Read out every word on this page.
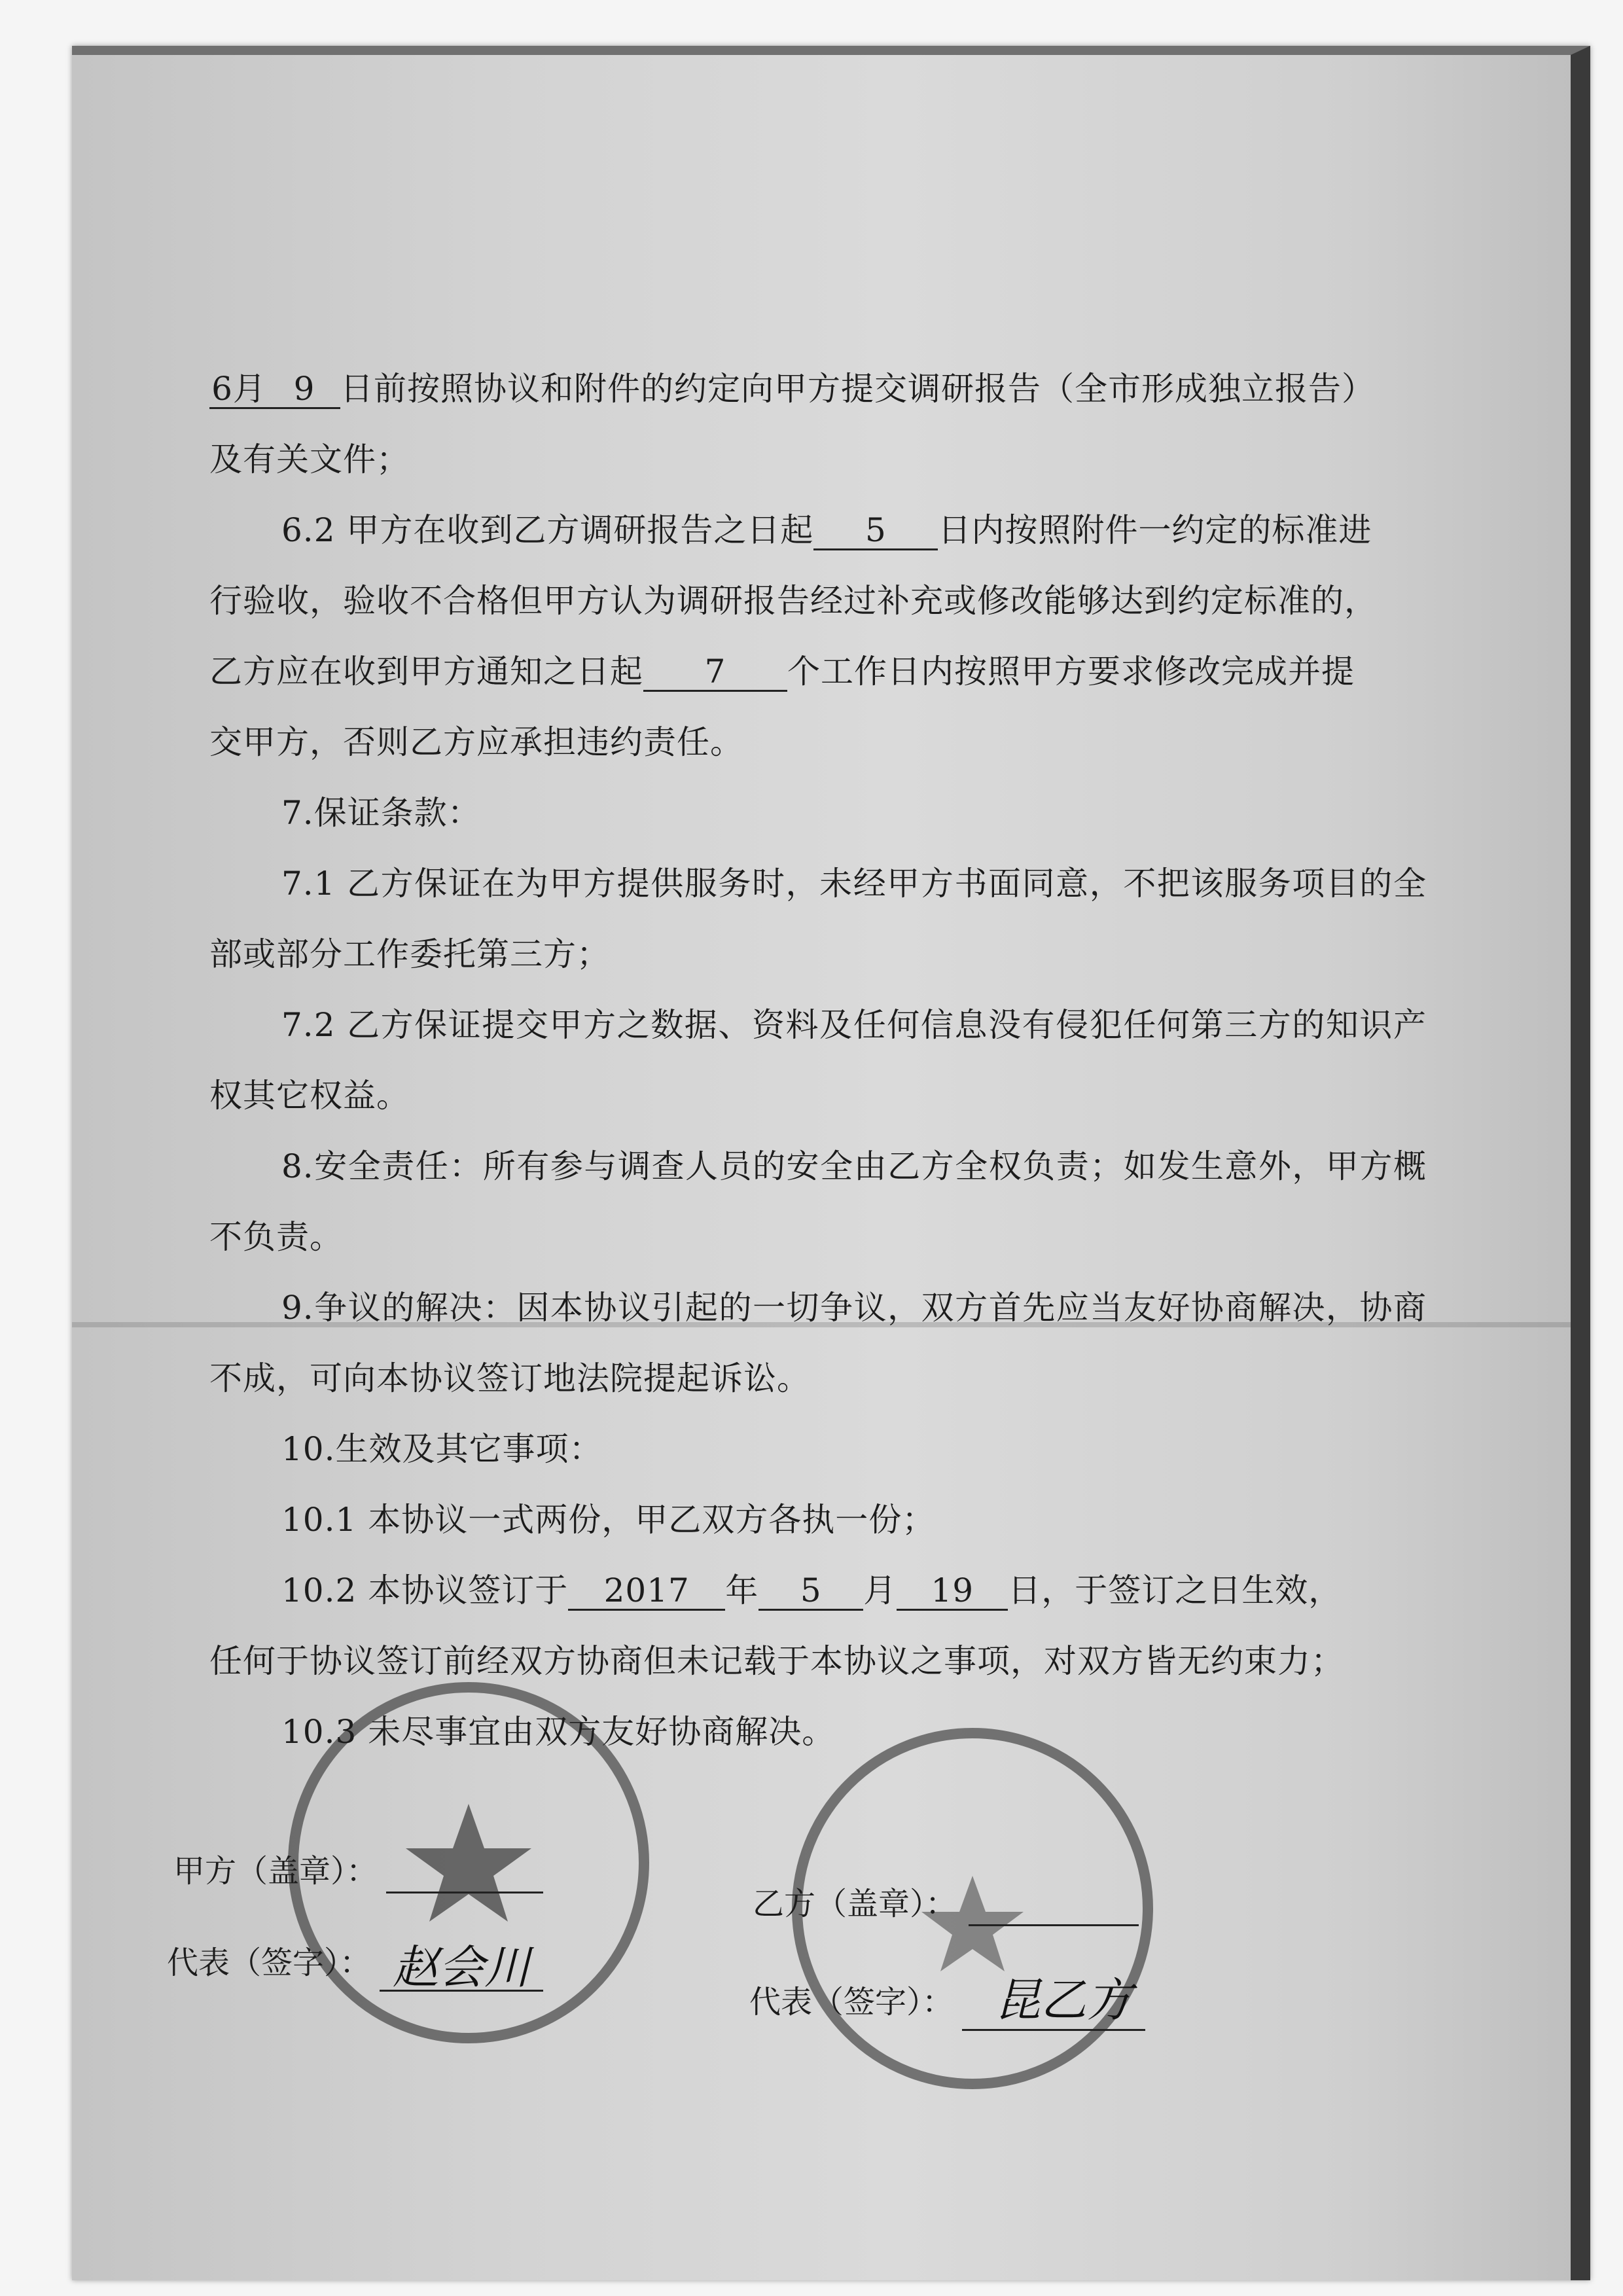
6月 9 日前按照协议和附件的约定向甲方提交调研报告（全市形成独立报告）

及有关文件；

6.2 甲方在收到乙方调研报告之日起 5 日内按照附件一约定的标准进

行验收，验收不合格但甲方认为调研报告经过补充或修改能够达到约定标准的，

乙方应在收到甲方通知之日起 7 个工作日内按照甲方要求修改完成并提

交甲方，否则乙方应承担违约责任。

7.保证条款：

7.1 乙方保证在为甲方提供服务时，未经甲方书面同意，不把该服务项目的全部或部分工作委托第三方；

7.2 乙方保证提交甲方之数据、资料及任何信息没有侵犯任何第三方的知识产权其它权益。

8.安全责任：所有参与调查人员的安全由乙方全权负责；如发生意外，甲方概不负责。

9.争议的解决：因本协议引起的一切争议，双方首先应当友好协商解决，协商不成，可向本协议签订地法院提起诉讼。

10.生效及其它事项：

10.1 本协议一式两份，甲乙双方各执一份；

10.2 本协议签订于 2017 年 5 月 19 日，于签订之日生效，

任何于协议签订前经双方协商但未记载于本协议之事项，对双方皆无约束力；

10.3 未尽事宜由双方友好协商解决。

甲方（盖章）：
代表（签字）： 赵会川
乙方（盖章）：
代表（签字）： 昆乙方
